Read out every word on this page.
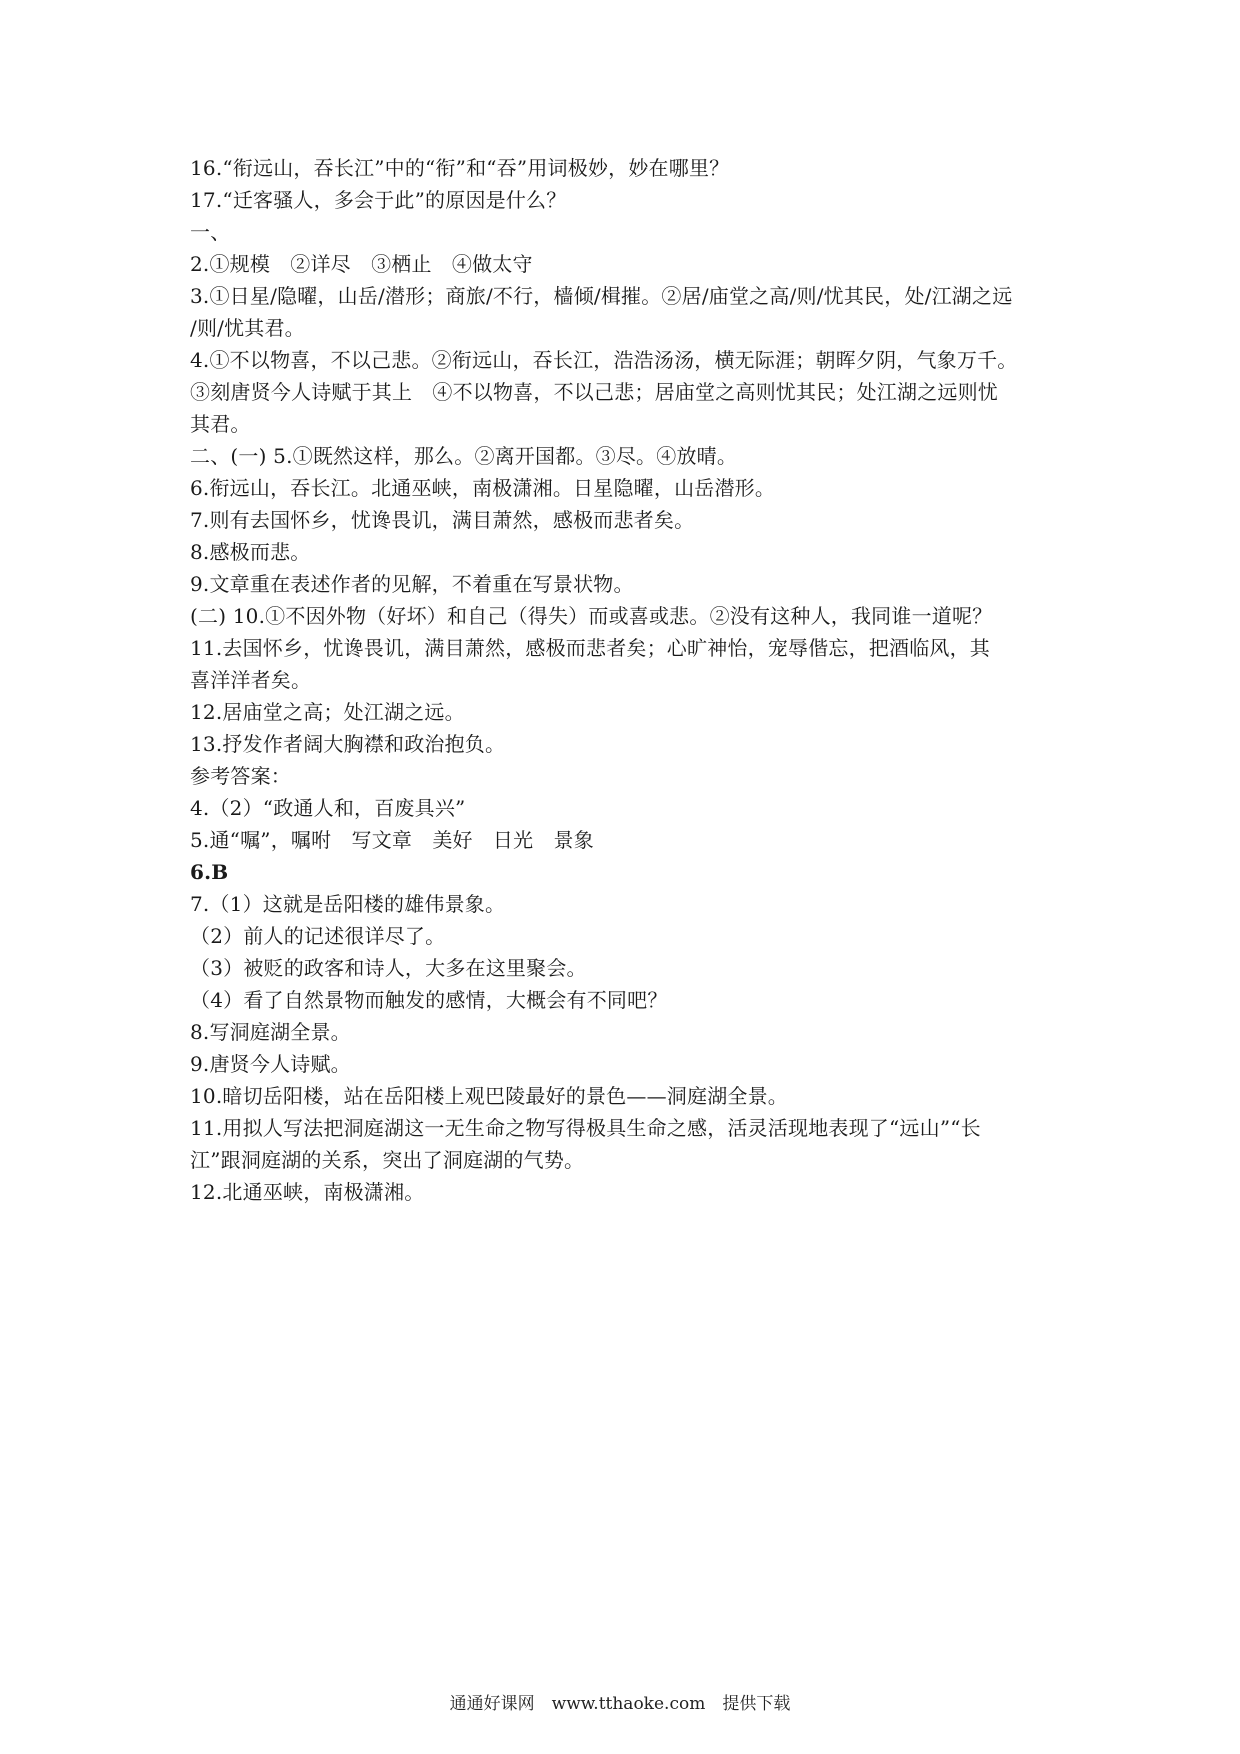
16.“衔远山，吞长江”中的“衔”和“吞”用词极妙，妙在哪里？
17.“迁客骚人，多会于此”的原因是什么？
一、
2.①规模　②详尽　③栖止　④做太守
3.①日星/隐曜，山岳/潜形；商旅/不行，樯倾/楫摧。②居/庙堂之高/则/忧其民，处/江湖之远
/则/忧其君。
4.①不以物喜，不以己悲。②衔远山，吞长江，浩浩汤汤，横无际涯；朝晖夕阴，气象万千。
③刻唐贤今人诗赋于其上　④不以物喜，不以己悲；居庙堂之高则忧其民；处江湖之远则忧
其君。
二、(一) 5.①既然这样，那么。②离开国都。③尽。④放晴。
6.衔远山，吞长江。北通巫峡，南极潇湘。日星隐曜，山岳潜形。
7.则有去国怀乡，忧谗畏讥，满目萧然，感极而悲者矣。
8.感极而悲。
9.文章重在表述作者的见解，不着重在写景状物。
(二) 10.①不因外物（好坏）和自己（得失）而或喜或悲。②没有这种人，我同谁一道呢？
11.去国怀乡，忧谗畏讥，满目萧然，感极而悲者矣；心旷神怡，宠辱偕忘，把酒临风，其
喜洋洋者矣。
12.居庙堂之高；处江湖之远。
13.抒发作者阔大胸襟和政治抱负。
参考答案：
4.（2）“政通人和，百废具兴”
5.通“嘱”，嘱咐　写文章　美好　日光　景象
6.B
7.（1）这就是岳阳楼的雄伟景象。
（2）前人的记述很详尽了。
（3）被贬的政客和诗人，大多在这里聚会。
（4）看了自然景物而触发的感情，大概会有不同吧？
8.写洞庭湖全景。
9.唐贤今人诗赋。
10.暗切岳阳楼，站在岳阳楼上观巴陵最好的景色——洞庭湖全景。
11.用拟人写法把洞庭湖这一无生命之物写得极具生命之感，活灵活现地表现了“远山”“长
江”跟洞庭湖的关系，突出了洞庭湖的气势。
12.北通巫峡，南极潇湘。
通通好课网　www.tthaoke.com　提供下载
